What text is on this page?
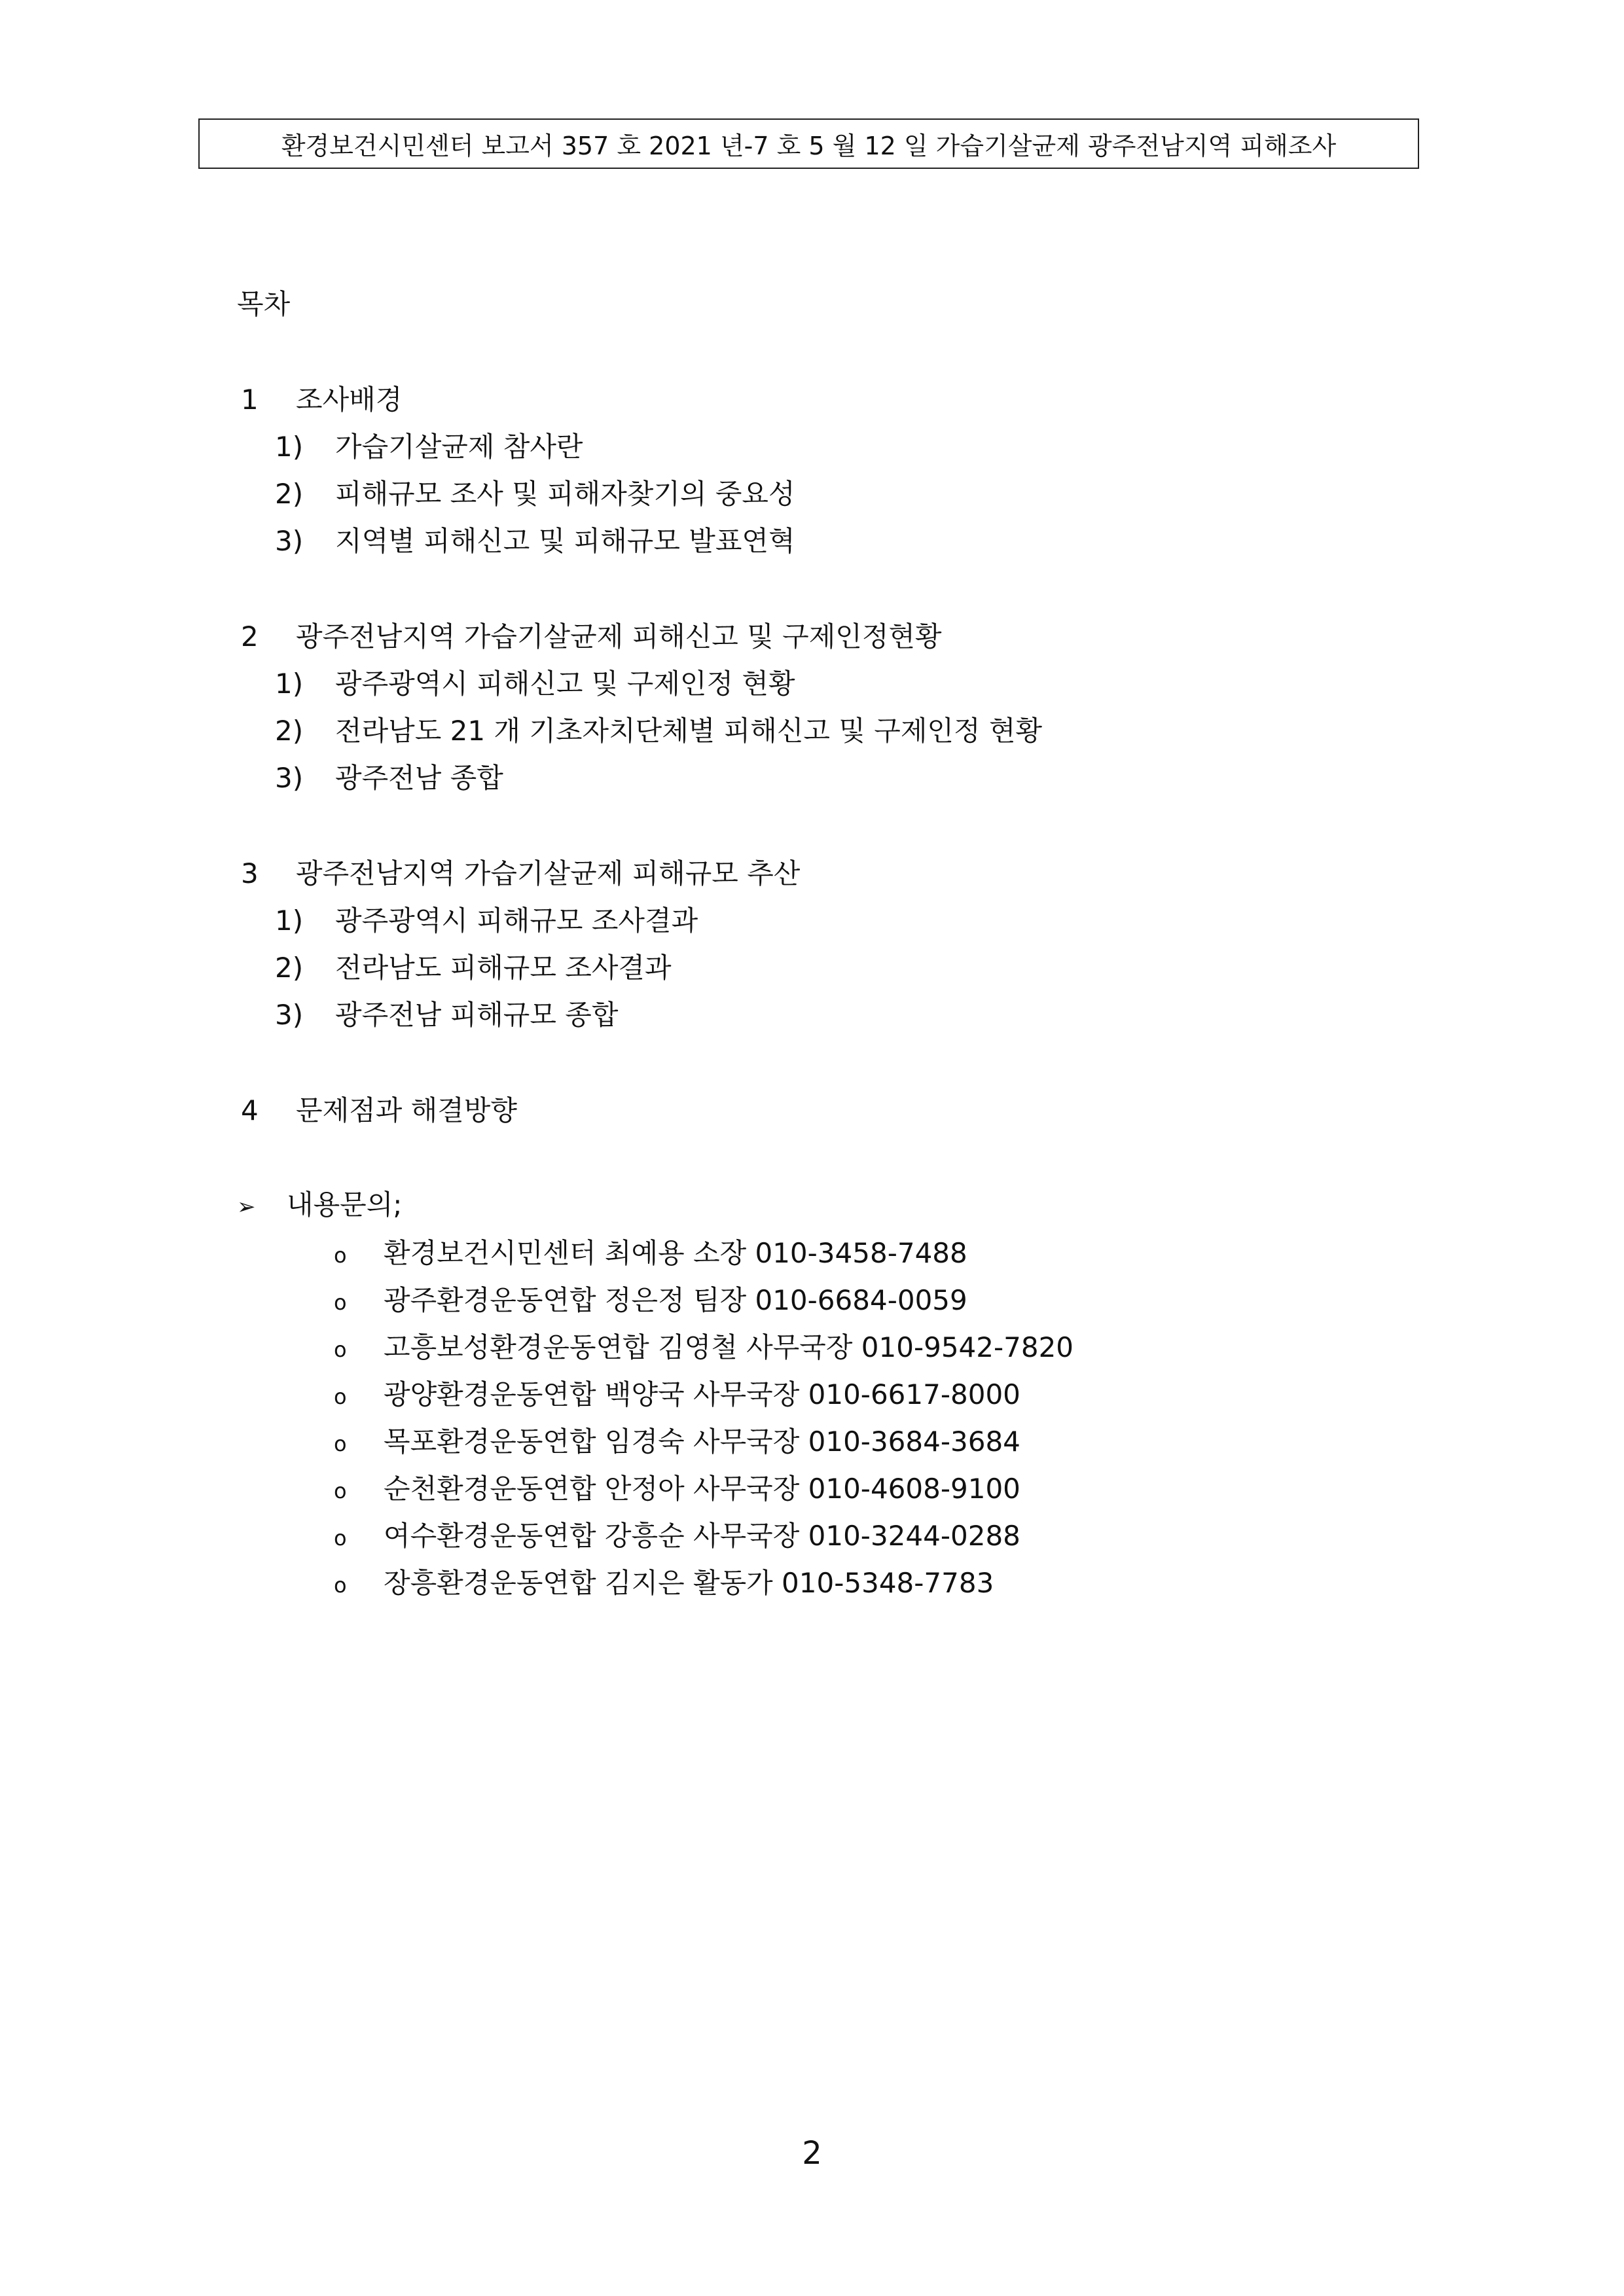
환경보건시민센터 보고서 357 호 2021 년-7 호 5 월 12 일 가습기살균제 광주전남지역 피해조사
목차
1 조사배경
1) 가습기살균제 참사란
2) 피해규모 조사 및 피해자찾기의 중요성
3) 지역별 피해신고 및 피해규모 발표연혁
2 광주전남지역 가습기살균제 피해신고 및 구제인정현황
1) 광주광역시 피해신고 및 구제인정 현황
2) 전라남도 21 개 기초자치단체별 피해신고 및 구제인정 현황
3) 광주전남 종합
3 광주전남지역 가습기살균제 피해규모 추산
1) 광주광역시 피해규모 조사결과
2) 전라남도 피해규모 조사결과
3) 광주전남 피해규모 종합
4 문제점과 해결방향
➢ 내용문의;
o 환경보건시민센터 최예용 소장 010-3458-7488
o 광주환경운동연합 정은정 팀장 010-6684-0059
o 고흥보성환경운동연합 김영철 사무국장 010-9542-7820
o 광양환경운동연합 백양국 사무국장 010-6617-8000
o 목포환경운동연합 임경숙 사무국장 010-3684-3684
o 순천환경운동연합 안정아 사무국장 010-4608-9100
o 여수환경운동연합 강흥순 사무국장 010-3244-0288
o 장흥환경운동연합 김지은 활동가 010-5348-7783
2
